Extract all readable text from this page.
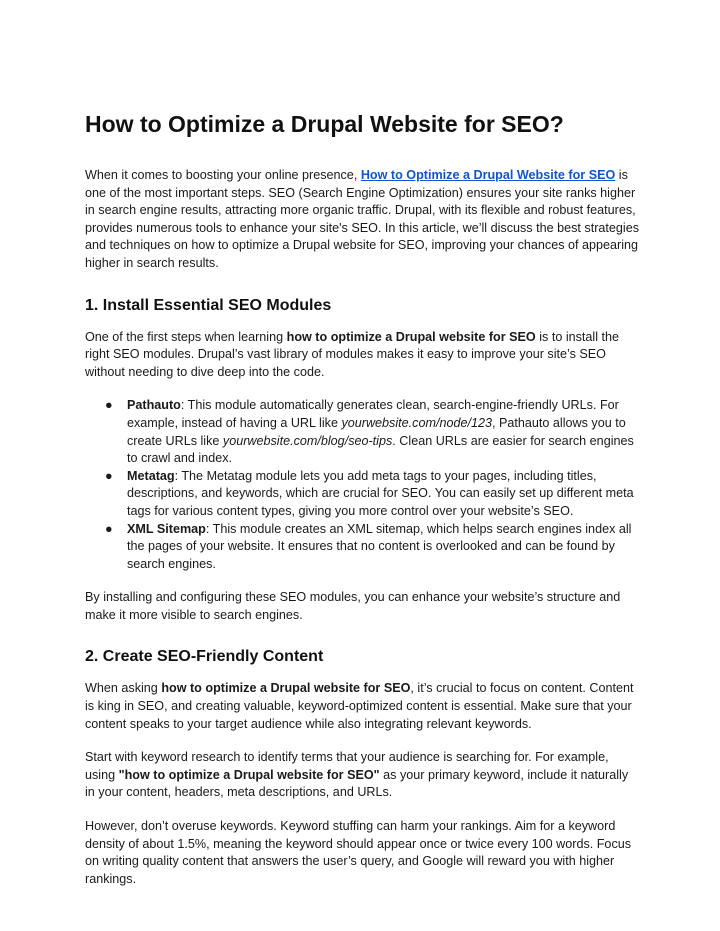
How to Optimize a Drupal Website for SEO?

When it comes to boosting your online presence, How to Optimize a Drupal Website for SEO is one of the most important steps. SEO (Search Engine Optimization) ensures your site ranks higher in search engine results, attracting more organic traffic. Drupal, with its flexible and robust features, provides numerous tools to enhance your site's SEO. In this article, we’ll discuss the best strategies and techniques on how to optimize a Drupal website for SEO, improving your chances of appearing higher in search results.

1. Install Essential SEO Modules

One of the first steps when learning how to optimize a Drupal website for SEO is to install the right SEO modules. Drupal’s vast library of modules makes it easy to improve your site’s SEO without needing to dive deep into the code.

● Pathauto: This module automatically generates clean, search-engine-friendly URLs. For example, instead of having a URL like yourwebsite.com/node/123, Pathauto allows you to create URLs like yourwebsite.com/blog/seo-tips. Clean URLs are easier for search engines to crawl and index.
● Metatag: The Metatag module lets you add meta tags to your pages, including titles, descriptions, and keywords, which are crucial for SEO. You can easily set up different meta tags for various content types, giving you more control over your website’s SEO.
● XML Sitemap: This module creates an XML sitemap, which helps search engines index all the pages of your website. It ensures that no content is overlooked and can be found by search engines.

By installing and configuring these SEO modules, you can enhance your website’s structure and make it more visible to search engines.

2. Create SEO-Friendly Content

When asking how to optimize a Drupal website for SEO, it’s crucial to focus on content. Content is king in SEO, and creating valuable, keyword-optimized content is essential. Make sure that your content speaks to your target audience while also integrating relevant keywords.

Start with keyword research to identify terms that your audience is searching for. For example, using "how to optimize a Drupal website for SEO" as your primary keyword, include it naturally in your content, headers, meta descriptions, and URLs.

However, don’t overuse keywords. Keyword stuffing can harm your rankings. Aim for a keyword density of about 1.5%, meaning the keyword should appear once or twice every 100 words. Focus on writing quality content that answers the user’s query, and Google will reward you with higher rankings.
